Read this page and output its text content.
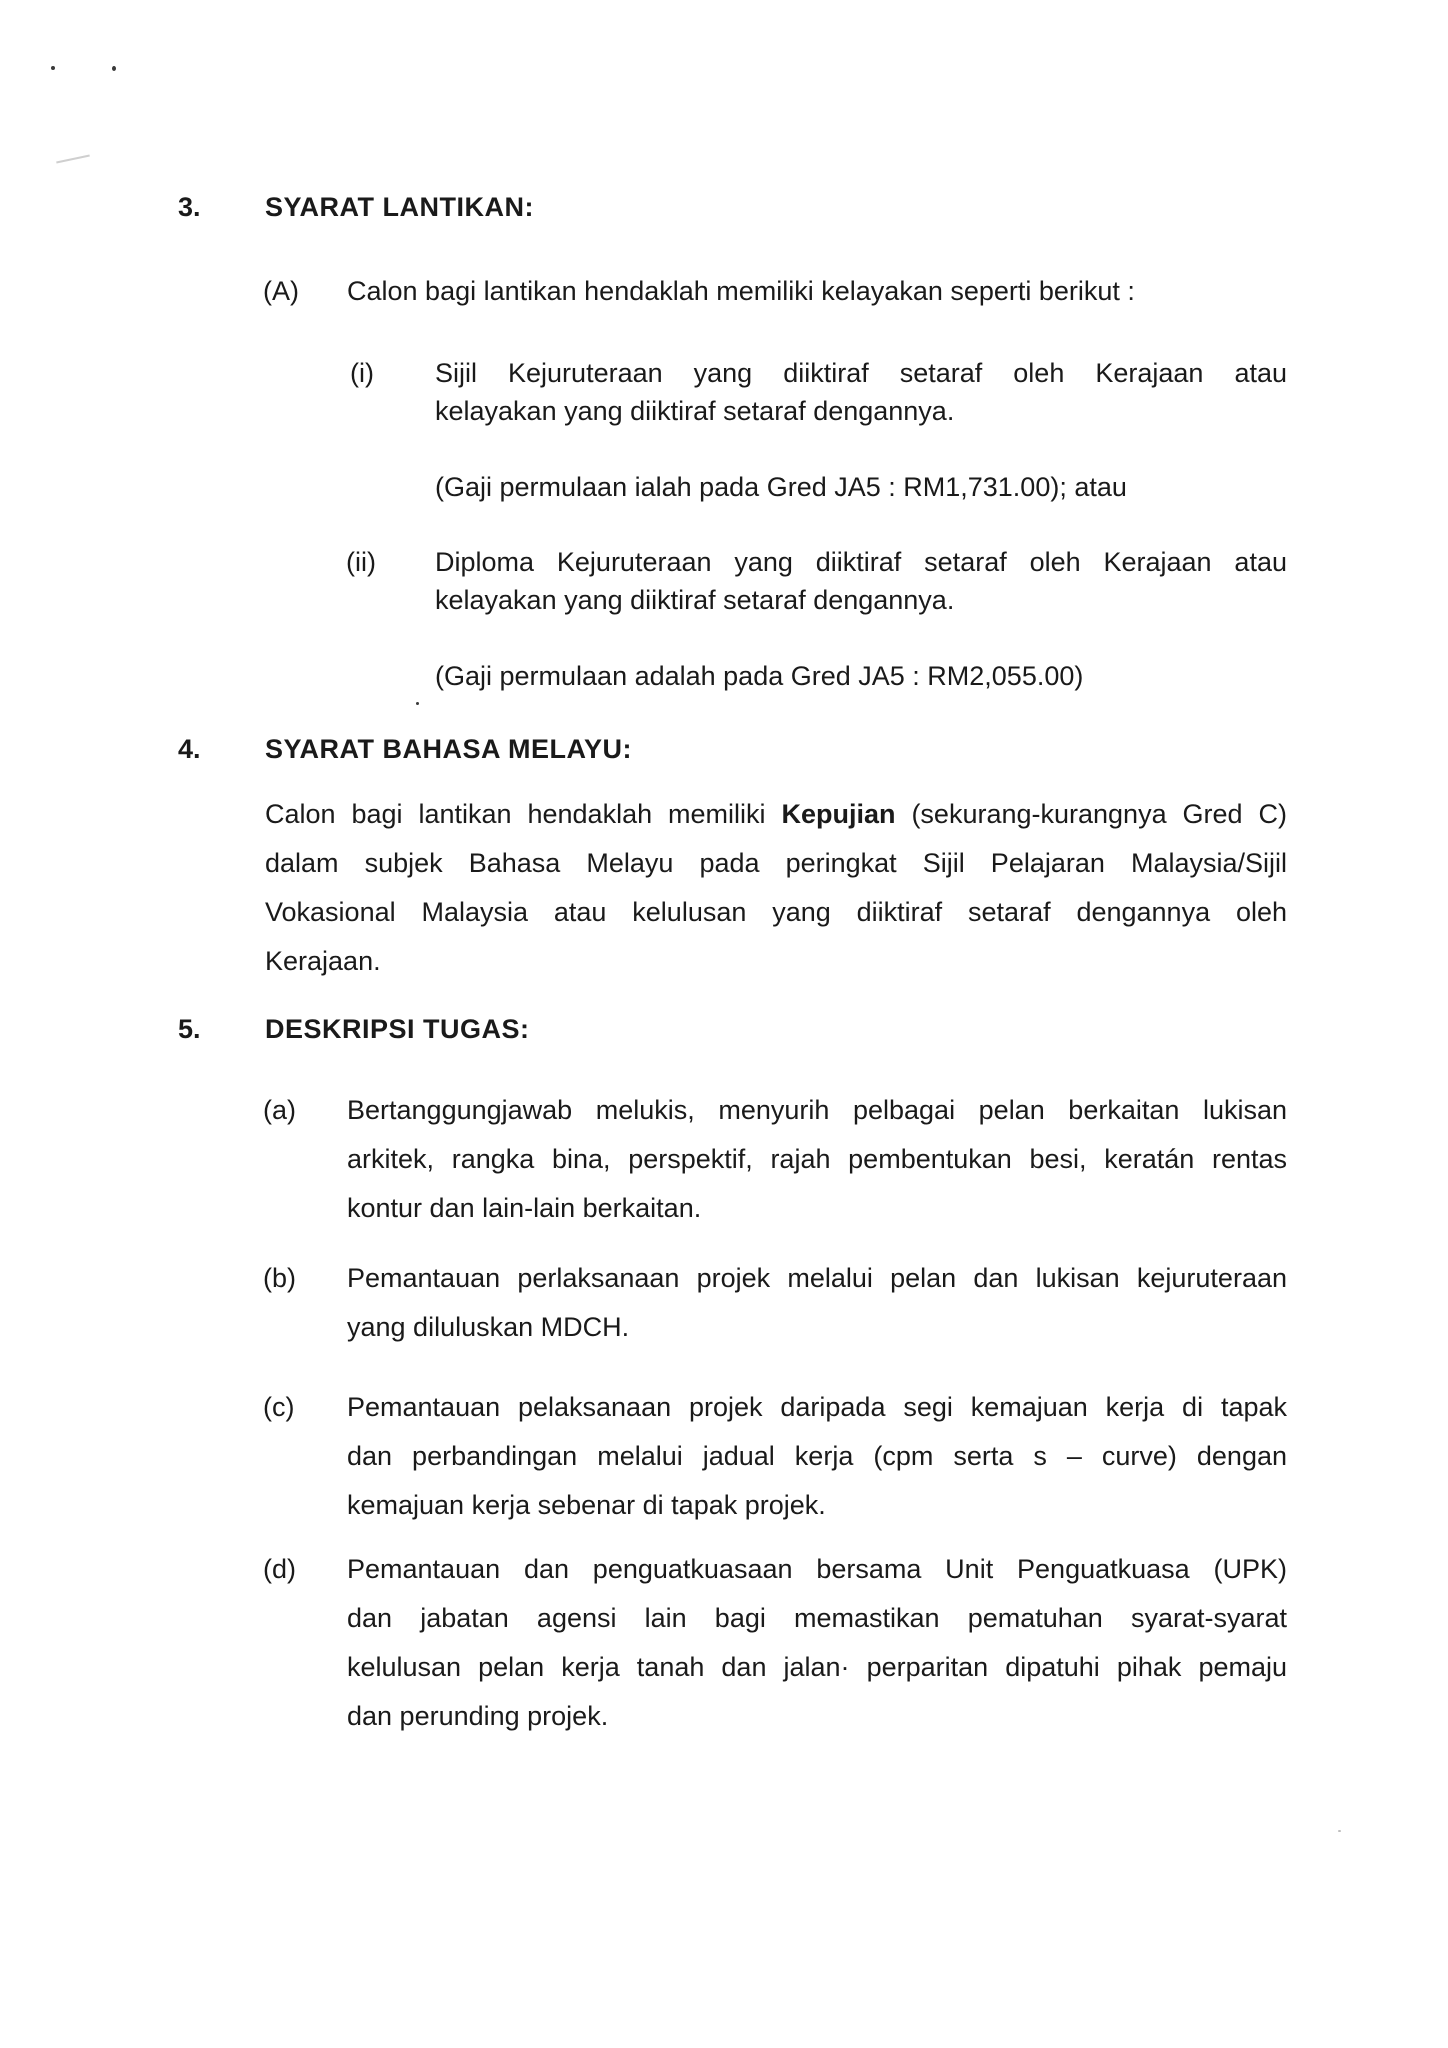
3. SYARAT LANTIKAN:
(A) Calon bagi lantikan hendaklah memiliki kelayakan seperti berikut :
(i) Sijil Kejuruteraan yang diiktiraf setaraf oleh Kerajaan atau
kelayakan yang diiktiraf setaraf dengannya.
(Gaji permulaan ialah pada Gred JA5 : RM1,731.00); atau
(ii) Diploma Kejuruteraan yang diiktiraf setaraf oleh Kerajaan atau
kelayakan yang diiktiraf setaraf dengannya.
(Gaji permulaan adalah pada Gred JA5 : RM2,055.00)
4. SYARAT BAHASA MELAYU:
Calon bagi lantikan hendaklah memiliki Kepujian (sekurang-kurangnya Gred C)
dalam subjek Bahasa Melayu pada peringkat Sijil Pelajaran Malaysia/Sijil
Vokasional Malaysia atau kelulusan yang diiktiraf setaraf dengannya oleh
Kerajaan.
5. DESKRIPSI TUGAS:
(a) Bertanggungjawab melukis, menyurih pelbagai pelan berkaitan lukisan
arkitek, rangka bina, perspektif, rajah pembentukan besi, keratán rentas
kontur dan lain-lain berkaitan.
(b) Pemantauan perlaksanaan projek melalui pelan dan lukisan kejuruteraan
yang diluluskan MDCH.
(c) Pemantauan pelaksanaan projek daripada segi kemajuan kerja di tapak
dan perbandingan melalui jadual kerja (cpm serta s – curve) dengan
kemajuan kerja sebenar di tapak projek.
(d) Pemantauan dan penguatkuasaan bersama Unit Penguatkuasa (UPK)
dan jabatan agensi lain bagi memastikan pematuhan syarat-syarat
kelulusan pelan kerja tanah dan jalan· perparitan dipatuhi pihak pemaju
dan perunding projek.
